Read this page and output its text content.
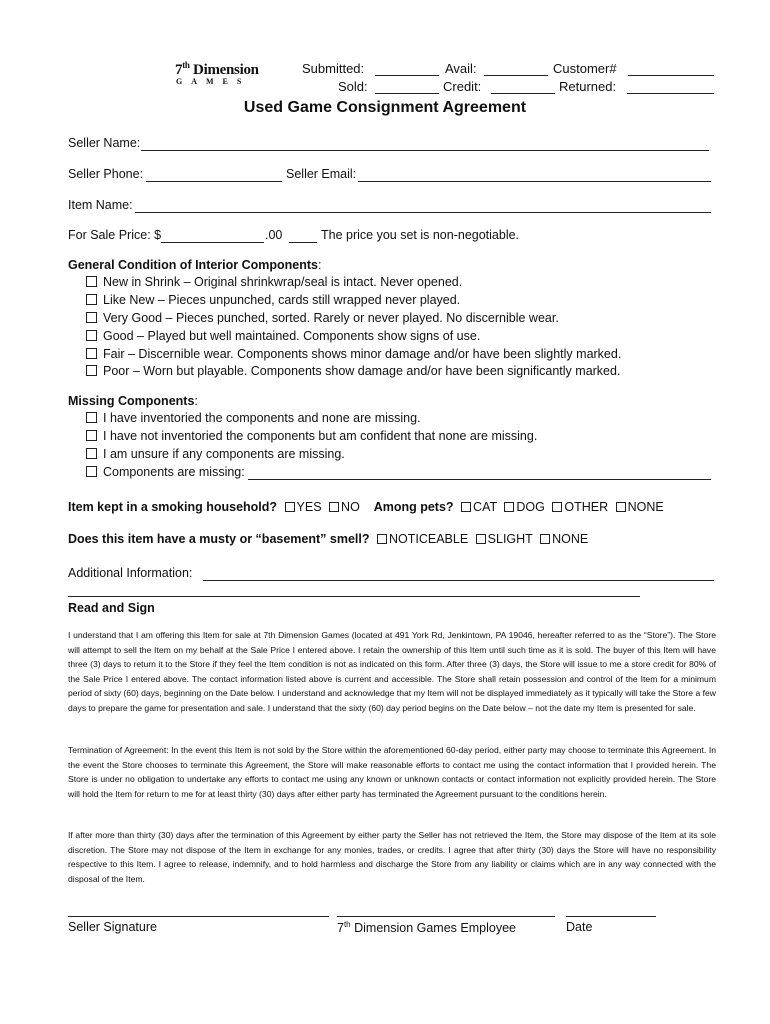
7th Dimension
GAMES
Submitted:	Avail:	Customer#
Sold:	Credit:	Returned:
Used Game Consignment Agreement
Seller Name:
Seller Phone:	Seller Email:
Item Name:
For Sale Price: $	.00	The price you set is non-negotiable.
General Condition of Interior Components:
New in Shrink – Original shrinkwrap/seal is intact. Never opened.
Like New – Pieces unpunched, cards still wrapped never played.
Very Good – Pieces punched, sorted. Rarely or never played. No discernible wear.
Good – Played but well maintained. Components show signs of use.
Fair – Discernible wear. Components shows minor damage and/or have been slightly marked.
Poor – Worn but playable. Components show damage and/or have been significantly marked.
Missing Components:
I have inventoried the components and none are missing.
I have not inventoried the components but am confident that none are missing.
I am unsure if any components are missing.
Components are missing:
Item kept in a smoking household? YES NO Among pets? CAT DOG OTHER NONE
Does this item have a musty or “basement” smell? NOTICEABLE SLIGHT NONE
Additional Information:
Read and Sign
I understand that I am offering this Item for sale at 7th Dimension Games (located at 491 York Rd, Jenkintown, PA 19046, hereafter referred to as the “Store”). The Store will attempt to sell the Item on my behalf at the Sale Price I entered above. I retain the ownership of this Item until such time as it is sold. The buyer of this Item will have three (3) days to return it to the Store if they feel the Item condition is not as indicated on this form. After three (3) days, the Store will issue to me a store credit for 80% of the Sale Price I entered above. The contact information listed above is current and accessible. The Store shall retain possession and control of the Item for a minimum period of sixty (60) days, beginning on the Date below. I understand and acknowledge that my Item will not be displayed immediately as it typically will take the Store a few days to prepare the game for presentation and sale. I understand that the sixty (60) day period begins on the Date below – not the date my Item is presented for sale.
Termination of Agreement: In the event this Item is not sold by the Store within the aforementioned 60-day period, either party may choose to terminate this Agreement. In the event the Store chooses to terminate this Agreement, the Store will make reasonable efforts to contact me using the contact information that I provided herein. The Store is under no obligation to undertake any efforts to contact me using any known or unknown contacts or contact information not explicitly provided herein. The Store will hold the Item for return to me for at least thirty (30) days after either party has terminated the Agreement pursuant to the conditions herein.
If after more than thirty (30) days after the termination of this Agreement by either party the Seller has not retrieved the Item, the Store may dispose of the Item at its sole discretion. The Store may not dispose of the Item in exchange for any monies, trades, or credits. I agree that after thirty (30) days the Store will have no responsibility respective to this Item. I agree to release, indemnify, and to hold harmless and discharge the Store from any liability or claims which are in any way connected with the disposal of the Item.
Seller Signature	7th Dimension Games Employee	Date
